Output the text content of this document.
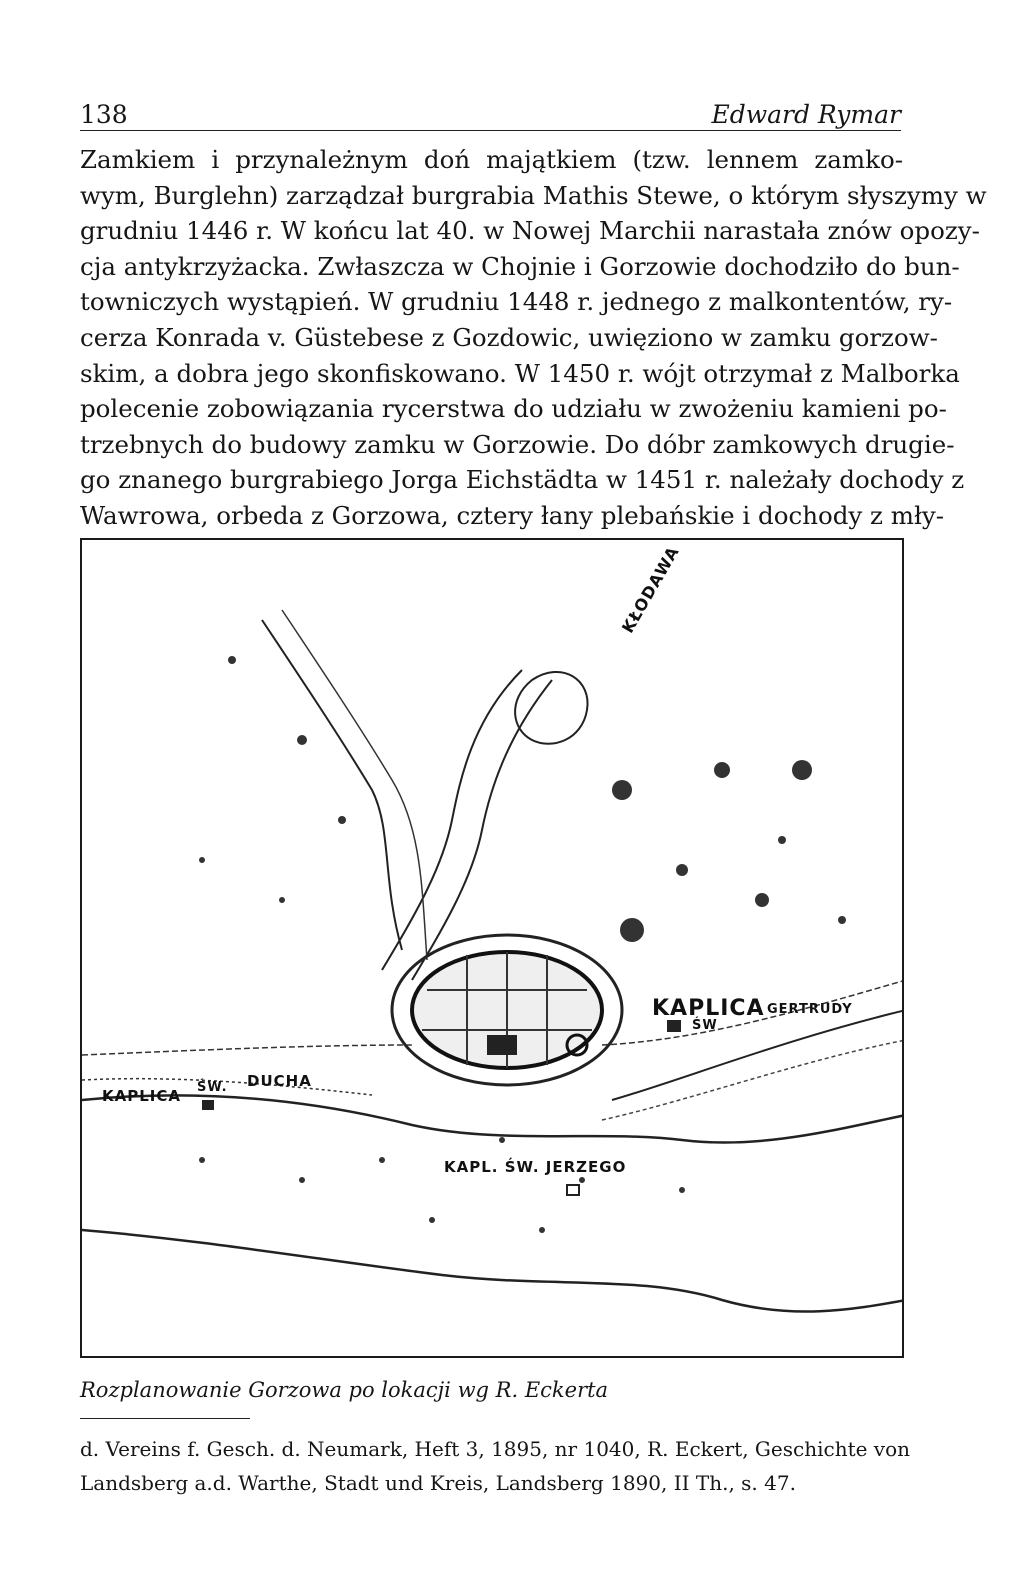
138	Edward Rymar
Zamkiem i przynależnym doń majątkiem (tzw. lennem zamko-
wym, Burglehn) zarządzał burgrabia Mathis Stewe, o którym słyszymy w
grudniu 1446 r. W końcu lat 40. w Nowej Marchii narastała znów opozy-
cja antykrzyżacka. Zwłaszcza w Chojnie i Gorzowie dochodziło do bun-
towniczych wystąpień. W grudniu 1448 r. jednego z malkontentów, ry-
cerza Konrada v. Güstebese z Gozdowic, uwięziono w zamku gorzow-
skim, a dobra jego skonfiskowano. W 1450 r. wójt otrzymał z Malborka
polecenie zobowiązania rycerstwa do udziału w zwożeniu kamieni po-
trzebnych do budowy zamku w Gorzowie. Do dóbr zamkowych drugie-
go znanego burgrabiego Jorga Eichstädta w 1451 r. należały dochody z
Wawrowa, orbeda z Gorzowa, cztery łany plebańskie i dochody z mły-
KŁODAWA
KAPLICA GERTRUDY
ŚW
KAPLICA ŚW. DUCHA
KAPL. ŚW. JERZEGO
Rozplanowanie Gorzowa po lokacji wg R. Eckerta
d. Vereins f. Gesch. d. Neumark, Heft 3, 1895, nr 1040, R. Eckert, Geschichte von
Landsberg a.d. Warthe, Stadt und Kreis, Landsberg 1890, II Th., s. 47.
